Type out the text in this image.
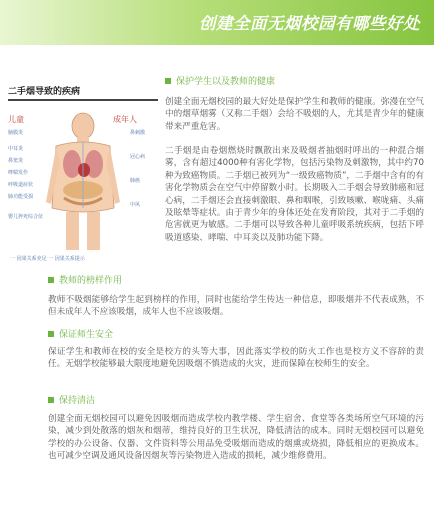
创建全面无烟校园有哪些好处
二手烟导致的疾病
儿童	成年人
脑膜炎
中耳炎
鼻窦炎
哮喘发作
呼吸道症状
肺功能受损
婴儿猝死综合征
鼻刺激
冠心病
肺癌
中风
一 因果关系充足 一 因果关系提示
保护学生以及教师的健康
创建全面无烟校园的最大好处是保护学生和教师的健康。弥漫在空气中的烟草烟雾（又称二手烟）会给不吸烟的人，尤其是青少年的健康带来严重危害。
二手烟是由卷烟燃烧时飘散出来及吸烟者抽烟时呼出的一种混合烟雾，含有超过4000种有害化学物，包括污染物及刺激物，其中约70种为致癌物质。二手烟已被列为“一级致癌物质”，二手烟中含有的有害化学物质会在空气中停留数小时。长期吸入二手烟会导致肺癌和冠心病，二手烟还会直接刺激眼、鼻和咽喉，引致咳嗽、喉咙痛、头痛及眩晕等症状。由于青少年的身体还处在发育阶段，其对于二手烟的危害就更为敏感。二手烟可以导致各种儿童呼吸系统疾病，包括下呼吸道感染、哮喘、中耳炎以及肺功能下降。
教师的榜样作用
教师不吸烟能够给学生起到榜样的作用，同时也能给学生传达一种信息，即吸烟并不代表成熟，不但未成年人不应该吸烟，成年人也不应该吸烟。
保证师生安全
保证学生和教师在校的安全是校方的头等大事，因此落实学校的防火工作也是校方义不容辞的责任。无烟学校能够最大限度地避免因吸烟不慎造成的火灾，进而保障在校师生的安全。
保持清洁
创建全面无烟校园可以避免因吸烟而造成学校内教学楼、学生宿舍、食堂等各类场所空气环境的污染，减少到处散落的烟灰和烟蒂，维持良好的卫生状况，降低清洁的成本。同时无烟校园可以避免学校的办公设备、仪器、文件资料等公用品免受吸烟而造成的烟熏或烧损，降低相应的更换成本。也可减少空调及通风设备因烟灰等污染物进入造成的损耗，减少维修费用。
